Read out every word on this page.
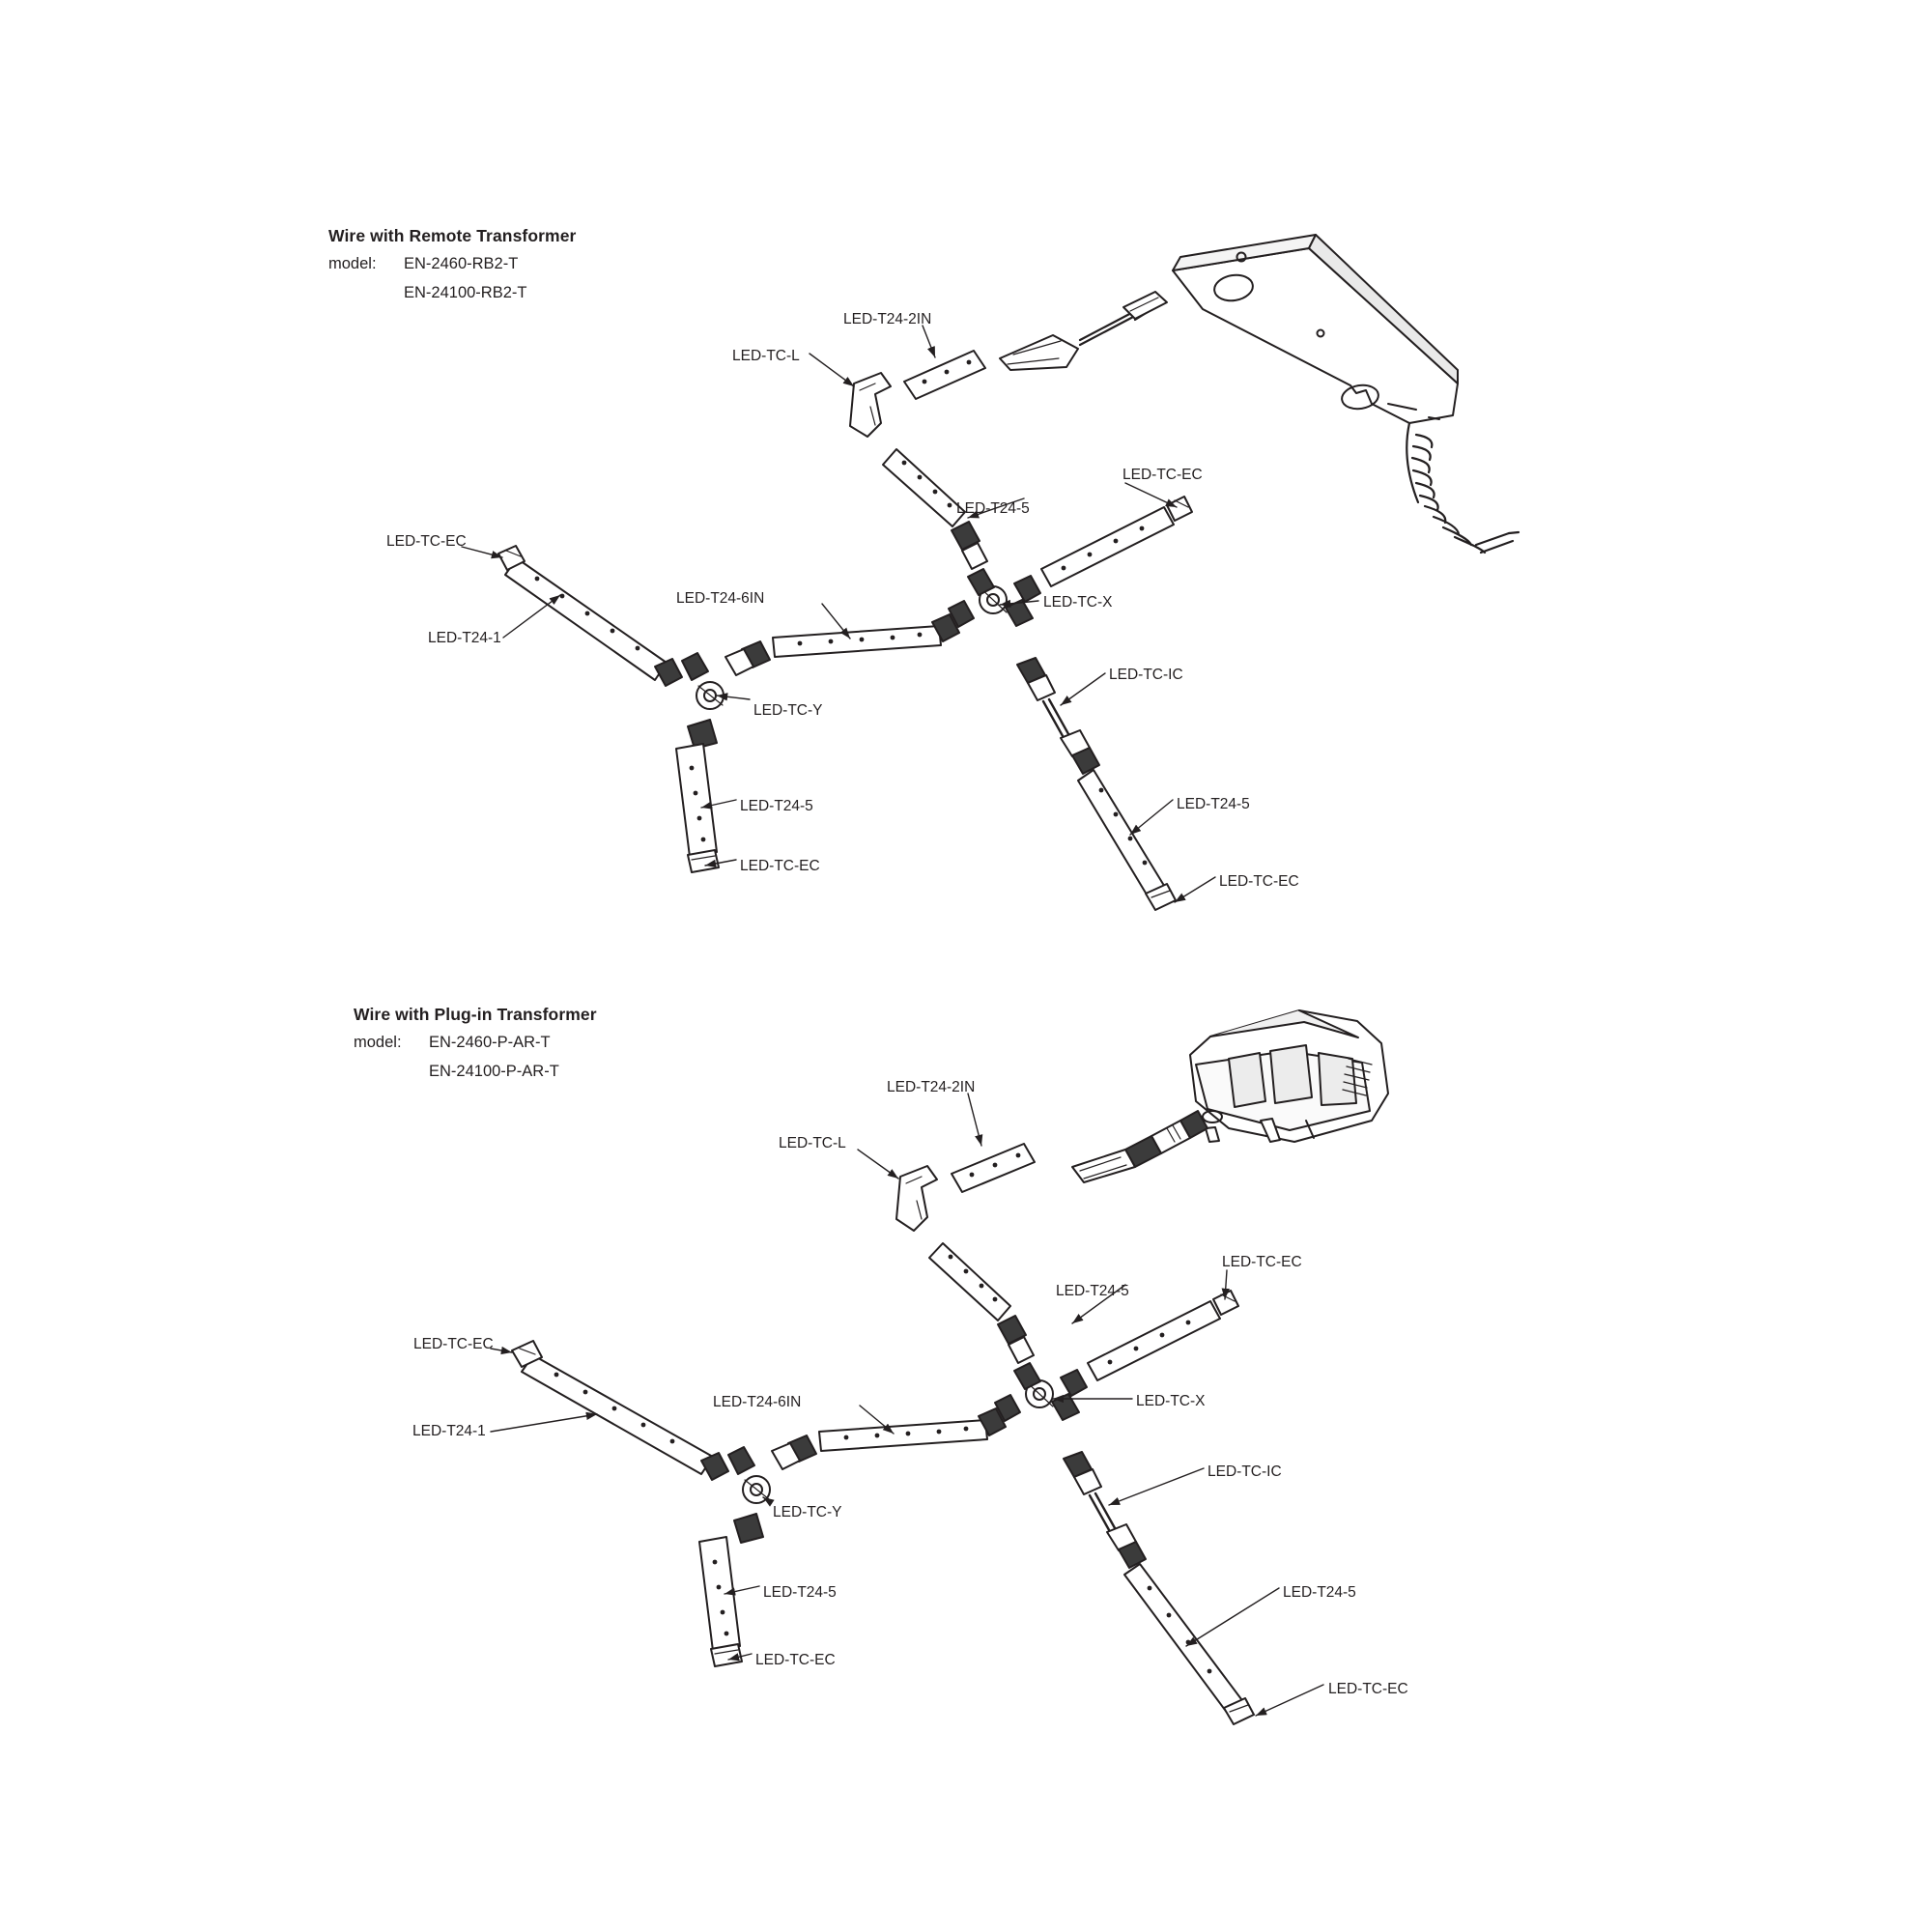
Wire with Remote Transformer
model: EN-2460-RB2-T
EN-24100-RB2-T
LED-T24-2IN
LED-TC-L
LED-TC-EC
LED-T24-5
LED-TC-EC
LED-T24-6IN	LED-TC-X
LED-T24-1
LED-TC-IC
LED-TC-Y
LED-T24-5	LED-T24-5
LED-TC-EC
LED-TC-EC
Wire with Plug-in Transformer
model: EN-2460-P-AR-T
EN-24100-P-AR-T
LED-T24-2IN
LED-TC-L
LED-TC-EC
LED-T24-5
LED-TC-EC
LED-T24-6IN	LED-TC-X
LED-T24-1
LED-TC-IC
LED-TC-Y
LED-T24-5	LED-T24-5
LED-TC-EC
LED-TC-EC
